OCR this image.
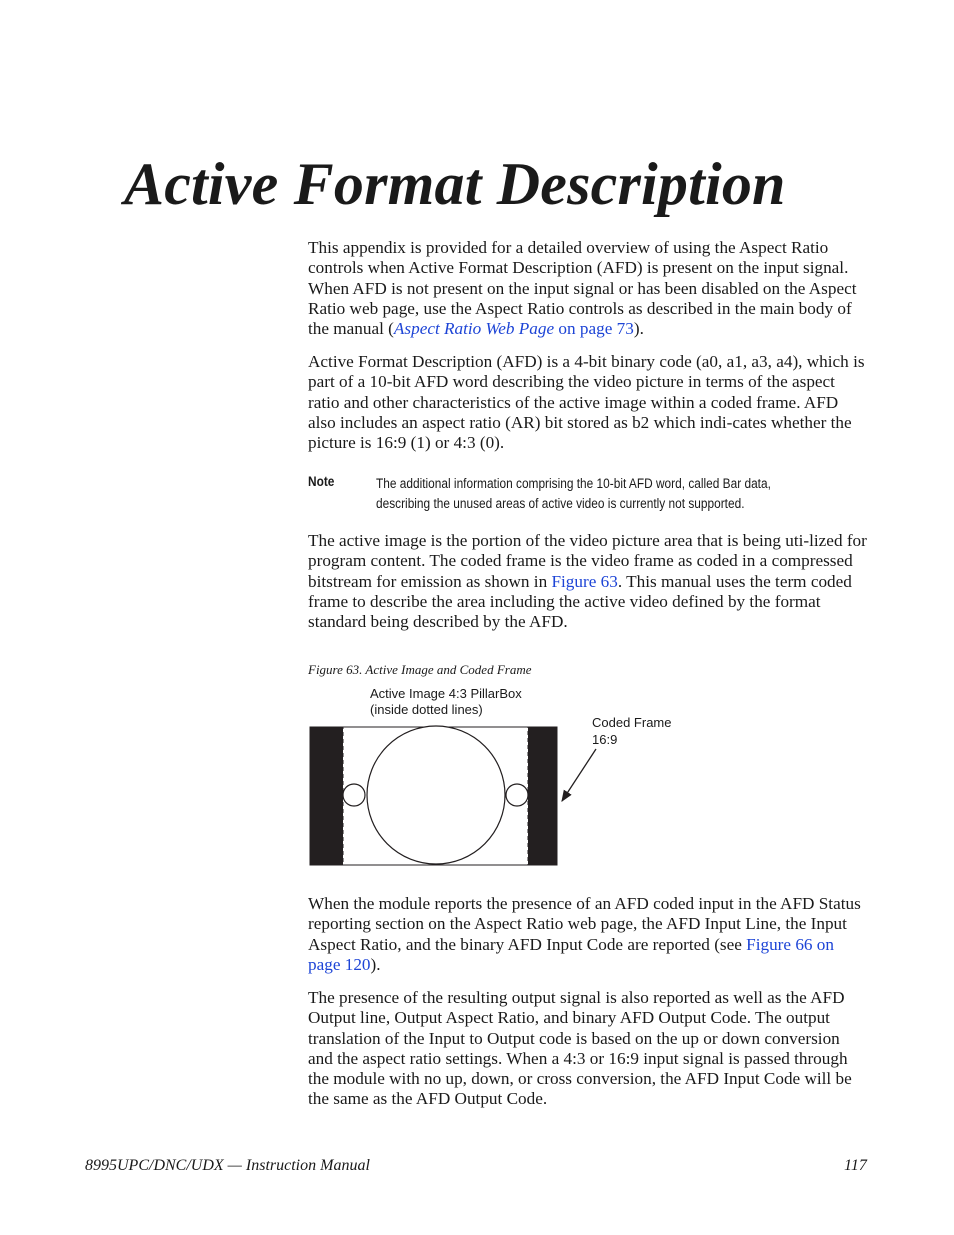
Active Format Description

This appendix is provided for a detailed overview of using the Aspect Ratio controls when Active Format Description (AFD) is present on the input signal. When AFD is not present on the input signal or has been disabled on the Aspect Ratio web page, use the Aspect Ratio controls as described in the main body of the manual (Aspect Ratio Web Page on page 73).

Active Format Description (AFD) is a 4-bit binary code (a0, a1, a3, a4), which is part of a 10-bit AFD word describing the video picture in terms of the aspect ratio and other characteristics of the active image within a coded frame. AFD also includes an aspect ratio (AR) bit stored as b2 which indi-cates whether the picture is 16:9 (1) or 4:3 (0).

Note	The additional information comprising the 10-bit AFD word, called Bar data,
describing the unused areas of active video is currently not supported.

The active image is the portion of the video picture area that is being uti-lized for program content. The coded frame is the video frame as coded in a compressed bitstream for emission as shown in Figure 63. This manual uses the term coded frame to describe the area including the active video defined by the format standard being described by the AFD.

Figure 63. Active Image and Coded Frame
Active Image 4:3 PillarBox
(inside dotted lines)
Coded Frame
16:9

When the module reports the presence of an AFD coded input in the AFD Status reporting section on the Aspect Ratio web page, the AFD Input Line, the Input Aspect Ratio, and the binary AFD Input Code are reported (see Figure 66 on page 120).

The presence of the resulting output signal is also reported as well as the AFD Output line, Output Aspect Ratio, and binary AFD Output Code. The output translation of the Input to Output code is based on the up or down conversion and the aspect ratio settings. When a 4:3 or 16:9 input signal is passed through the module with no up, down, or cross conversion, the AFD Input Code will be the same as the AFD Output Code.

8995UPC/DNC/UDX — Instruction Manual	117
